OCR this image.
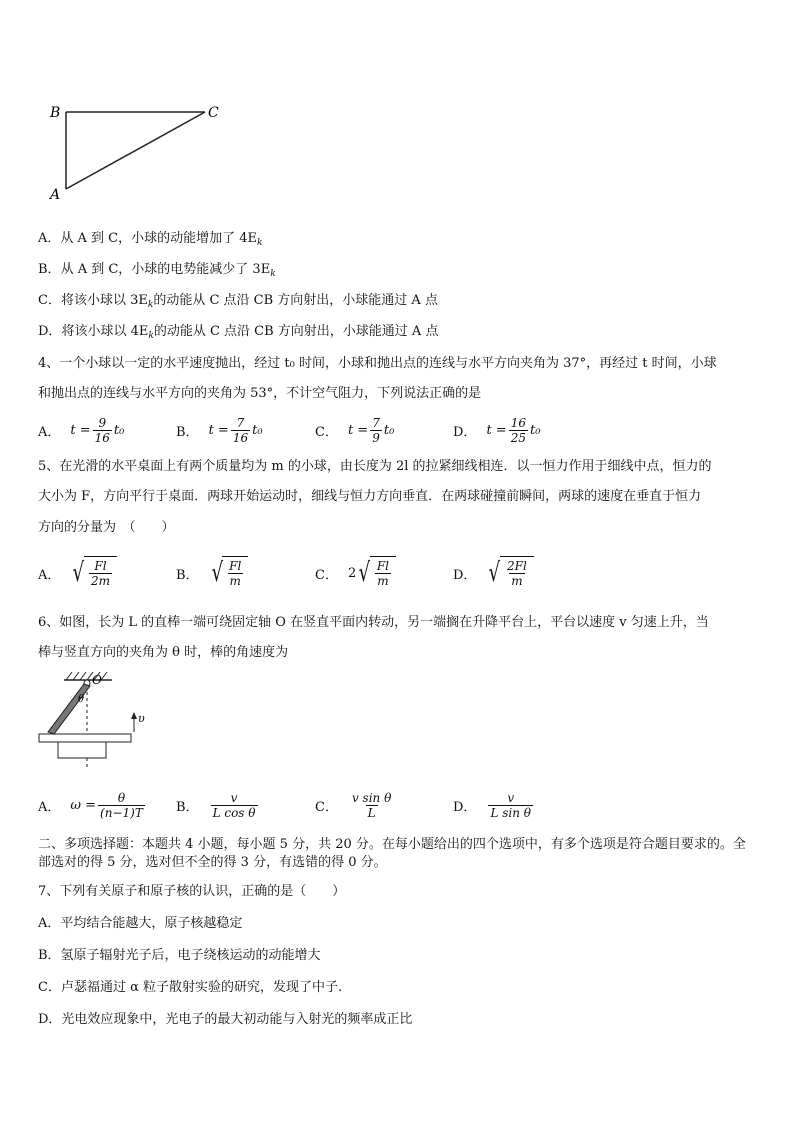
B	C
A
A．从 A 到 C，小球的动能增加了 $4E_k$
B．从 A 到 C，小球的电势能减少了 $3E_k$
C．将该小球以 $3E_k$的动能从 C 点沿 CB 方向射出，小球能通过 A 点
D．将该小球以 $4E_k$的动能从 C 点沿 CB 方向射出，小球能通过 A 点
4、一个小球以一定的水平速度抛出，经过 t₀ 时间，小球和抛出点的连线与水平方向夹角为 37°，再经过 t 时间，小球
和抛出点的连线与水平方向的夹角为 53°，不计空气阻力，下列说法正确的是
A． $t = \frac{9}{16} t_0$	B． $t = \frac{7}{16} t_0$	C． $t = \frac{7}{9} t_0$	D． $t = \frac{16}{25} t_0$
5、在光滑的水平桌面上有两个质量均为 m 的小球，由长度为 2l 的拉紧细线相连．以一恒力作用于细线中点，恒力的
大小为 F，方向平行于桌面．两球开始运动时，细线与恒力方向垂直．在两球碰撞前瞬间，两球的速度在垂直于恒力
方向的分量为　（　　）
A． √ $\frac{Fl}{2m}$	B． √ $\frac{Fl}{m}$	C． 2 √ $\frac{Fl}{m}$	D． √ $\frac{2Fl}{m}$
6、如图，长为 L 的直棒一端可绕固定轴 O 在竖直平面内转动，另一端搁在升降平台上，平台以速度 v 匀速上升，当
棒与竖直方向的夹角为 θ 时，棒的角速度为
O
θ
υ
A． $\omega = \frac{\theta}{(n-1)T}$ B． $\frac{v}{\text{L cos θ}}$	C． $\frac{\text{v sin θ}}{L}$	D． $\frac{v}{\text{L sin θ}}$
二、多项选择题：本题共 4 小题，每小题 5 分，共 20 分。在每小题给出的四个选项中，有多个选项是符合题目要求的。全部选对的得 5 分，选对但不全的得 3 分，有选错的得 0 分。
7、下列有关原子和原子核的认识，正确的是（　　）
A．平均结合能越大，原子核越稳定
B．氢原子辐射光子后，电子绕核运动的动能增大
C．卢瑟福通过 α 粒子散射实验的研究，发现了中子.
D．光电效应现象中，光电子的最大初动能与入射光的频率成正比
